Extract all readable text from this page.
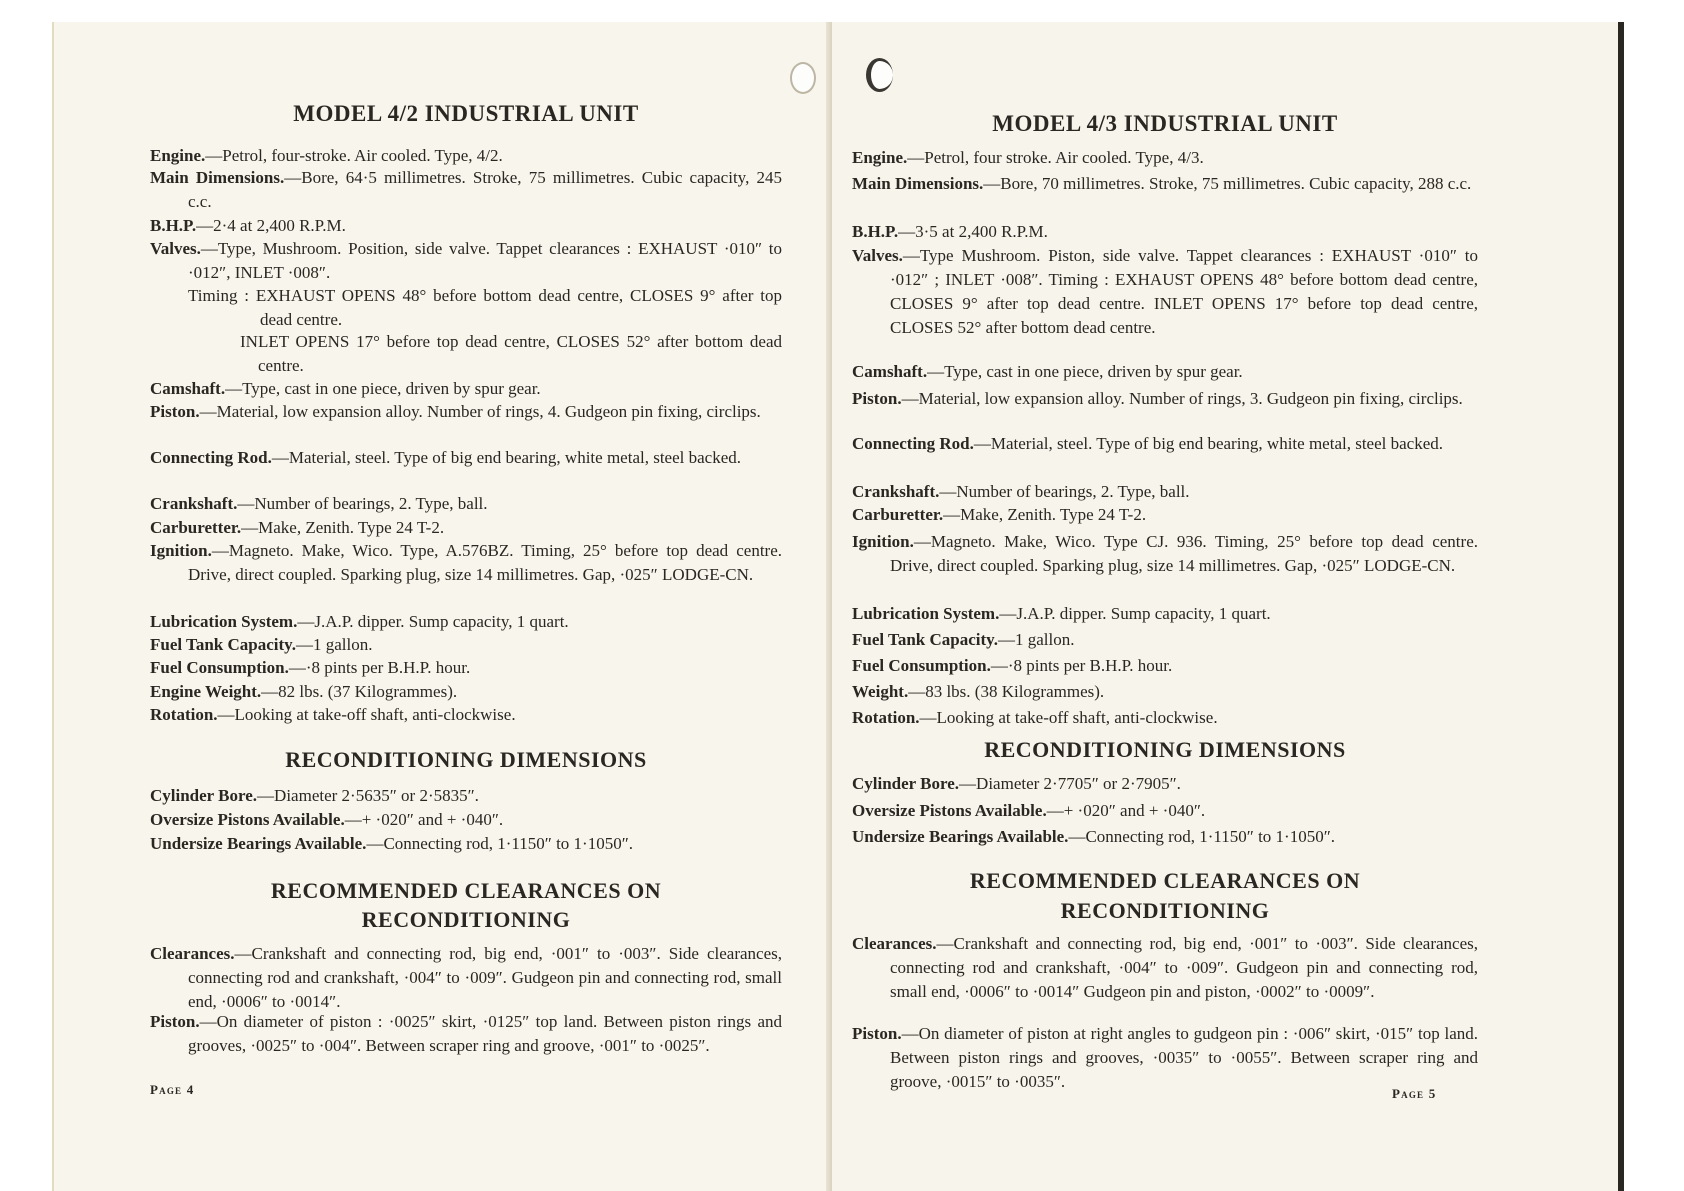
MODEL 4/2 INDUSTRIAL UNIT
Engine.—Petrol, four-stroke. Air cooled. Type, 4/2.
Main Dimensions.—Bore, 64·5 millimetres. Stroke, 75 millimetres. Cubic capacity, 245 c.c.
B.H.P.—2·4 at 2,400 R.P.M.
Valves.—Type, Mushroom. Position, side valve. Tappet clearances : EXHAUST ·010″ to ·012″, INLET ·008″.
Timing : EXHAUST OPENS 48° before bottom dead centre, CLOSES 9° after top dead centre.
INLET OPENS 17° before top dead centre, CLOSES 52° after bottom dead centre.
Camshaft.—Type, cast in one piece, driven by spur gear.
Piston.—Material, low expansion alloy. Number of rings, 4. Gudgeon pin fixing, circlips.
Connecting Rod.—Material, steel. Type of big end bearing, white metal, steel backed.
Crankshaft.—Number of bearings, 2. Type, ball.
Carburetter.—Make, Zenith. Type 24 T-2.
Ignition.—Magneto. Make, Wico. Type, A.576BZ. Timing, 25° before top dead centre. Drive, direct coupled. Sparking plug, size 14 millimetres. Gap, ·025″ LODGE-CN.
Lubrication System.—J.A.P. dipper. Sump capacity, 1 quart.
Fuel Tank Capacity.—1 gallon.
Fuel Consumption.—·8 pints per B.H.P. hour.
Engine Weight.—82 lbs. (37 Kilogrammes).
Rotation.—Looking at take-off shaft, anti-clockwise.
RECONDITIONING DIMENSIONS
Cylinder Bore.—Diameter 2·5635″ or 2·5835″.
Oversize Pistons Available.—+ ·020″ and + ·040″.
Undersize Bearings Available.—Connecting rod, 1·1150″ to 1·1050″.
RECOMMENDED CLEARANCES ON
RECONDITIONING
Clearances.—Crankshaft and connecting rod, big end, ·001″ to ·003″. Side clearances, connecting rod and crankshaft, ·004″ to ·009″. Gudgeon pin and connecting rod, small end, ·0006″ to ·0014″.
Piston.—On diameter of piston : ·0025″ skirt, ·0125″ top land. Between piston rings and grooves, ·0025″ to ·004″. Between scraper ring and groove, ·001″ to ·0025″.
Page 4
MODEL 4/3 INDUSTRIAL UNIT
Engine.—Petrol, four stroke. Air cooled. Type, 4/3.
Main Dimensions.—Bore, 70 millimetres. Stroke, 75 millimetres. Cubic capacity, 288 c.c.
B.H.P.—3·5 at 2,400 R.P.M.
Valves.—Type Mushroom. Piston, side valve. Tappet clearances : EXHAUST ·010″ to ·012″ ; INLET ·008″. Timing : EXHAUST OPENS 48° before bottom dead centre, CLOSES 9° after top dead centre. INLET OPENS 17° before top dead centre, CLOSES 52° after bottom dead centre.
Camshaft.—Type, cast in one piece, driven by spur gear.
Piston.—Material, low expansion alloy. Number of rings, 3. Gudgeon pin fixing, circlips.
Connecting Rod.—Material, steel. Type of big end bearing, white metal, steel backed.
Crankshaft.—Number of bearings, 2. Type, ball.
Carburetter.—Make, Zenith. Type 24 T-2.
Ignition.—Magneto. Make, Wico. Type CJ. 936. Timing, 25° before top dead centre. Drive, direct coupled. Sparking plug, size 14 millimetres. Gap, ·025″ LODGE-CN.
Lubrication System.—J.A.P. dipper. Sump capacity, 1 quart.
Fuel Tank Capacity.—1 gallon.
Fuel Consumption.—·8 pints per B.H.P. hour.
Weight.—83 lbs. (38 Kilogrammes).
Rotation.—Looking at take-off shaft, anti-clockwise.
RECONDITIONING DIMENSIONS
Cylinder Bore.—Diameter 2·7705″ or 2·7905″.
Oversize Pistons Available.—+ ·020″ and + ·040″.
Undersize Bearings Available.—Connecting rod, 1·1150″ to 1·1050″.
RECOMMENDED CLEARANCES ON
RECONDITIONING
Clearances.—Crankshaft and connecting rod, big end, ·001″ to ·003″. Side clearances, connecting rod and crankshaft, ·004″ to ·009″. Gudgeon pin and connecting rod, small end, ·0006″ to ·0014″ Gudgeon pin and piston, ·0002″ to ·0009″.
Piston.—On diameter of piston at right angles to gudgeon pin : ·006″ skirt, ·015″ top land. Between piston rings and grooves, ·0035″ to ·0055″. Between scraper ring and groove, ·0015″ to ·0035″.
Page 5
